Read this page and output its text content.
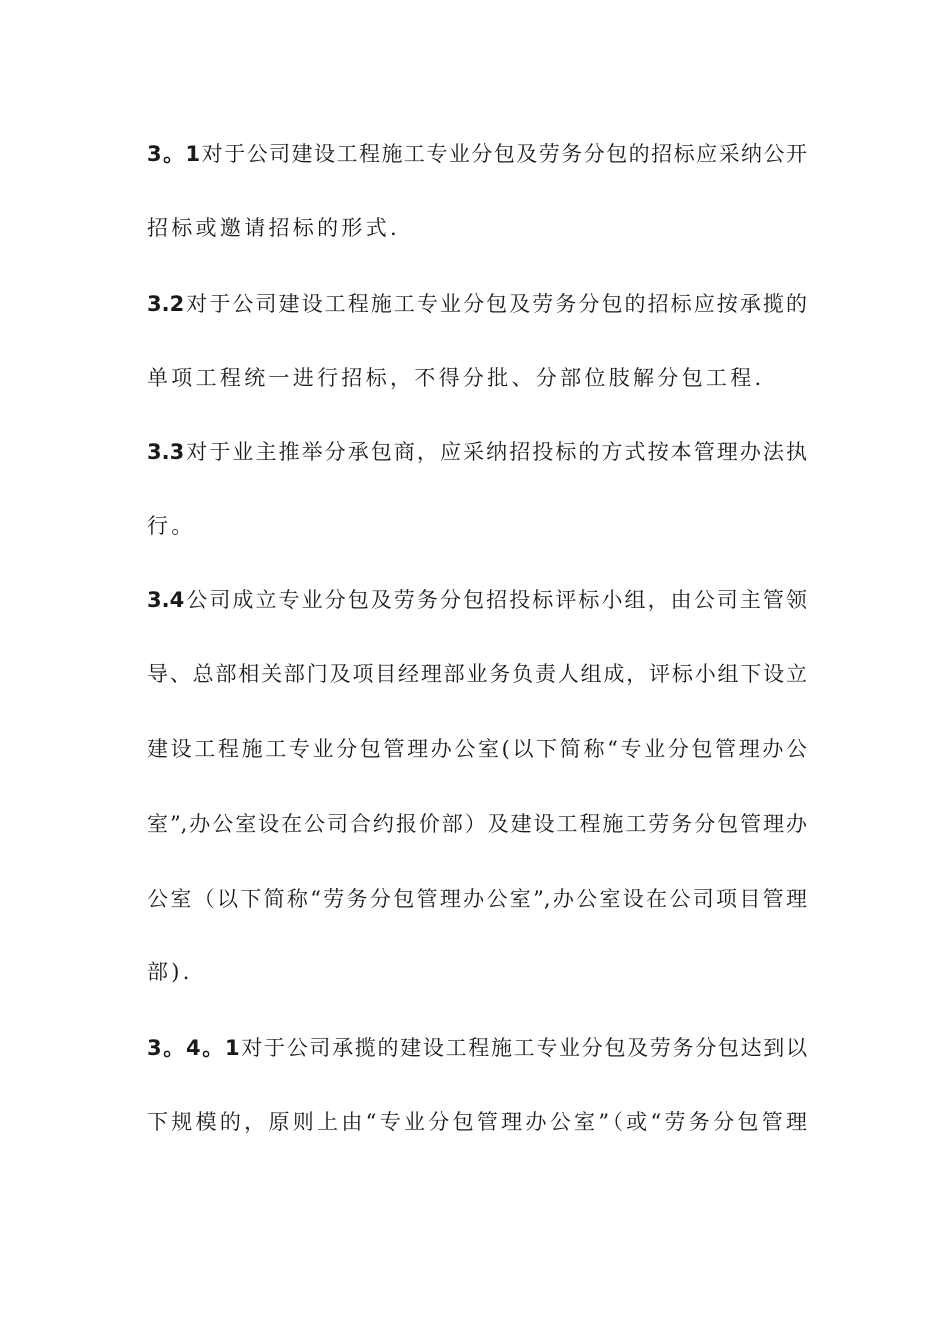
3。1对于公司建设工程施工专业分包及劳务分包的招标应采纳公开
招标或邀请招标的形式.
3.2对于公司建设工程施工专业分包及劳务分包的招标应按承揽的
单项工程统一进行招标，不得分批、分部位肢解分包工程.
3.3对于业主推举分承包商，应采纳招投标的方式按本管理办法执
行。
3.4公司成立专业分包及劳务分包招投标评标小组，由公司主管领
导、总部相关部门及项目经理部业务负责人组成，评标小组下设立
建设工程施工专业分包管理办公室(以下简称“专业分包管理办公
室”,办公室设在公司合约报价部）及建设工程施工劳务分包管理办
公室（以下简称“劳务分包管理办公室”,办公室设在公司项目管理
部).
3。4。1对于公司承揽的建设工程施工专业分包及劳务分包达到以
下规模的，原则上由“专业分包管理办公室”（或“劳务分包管理
